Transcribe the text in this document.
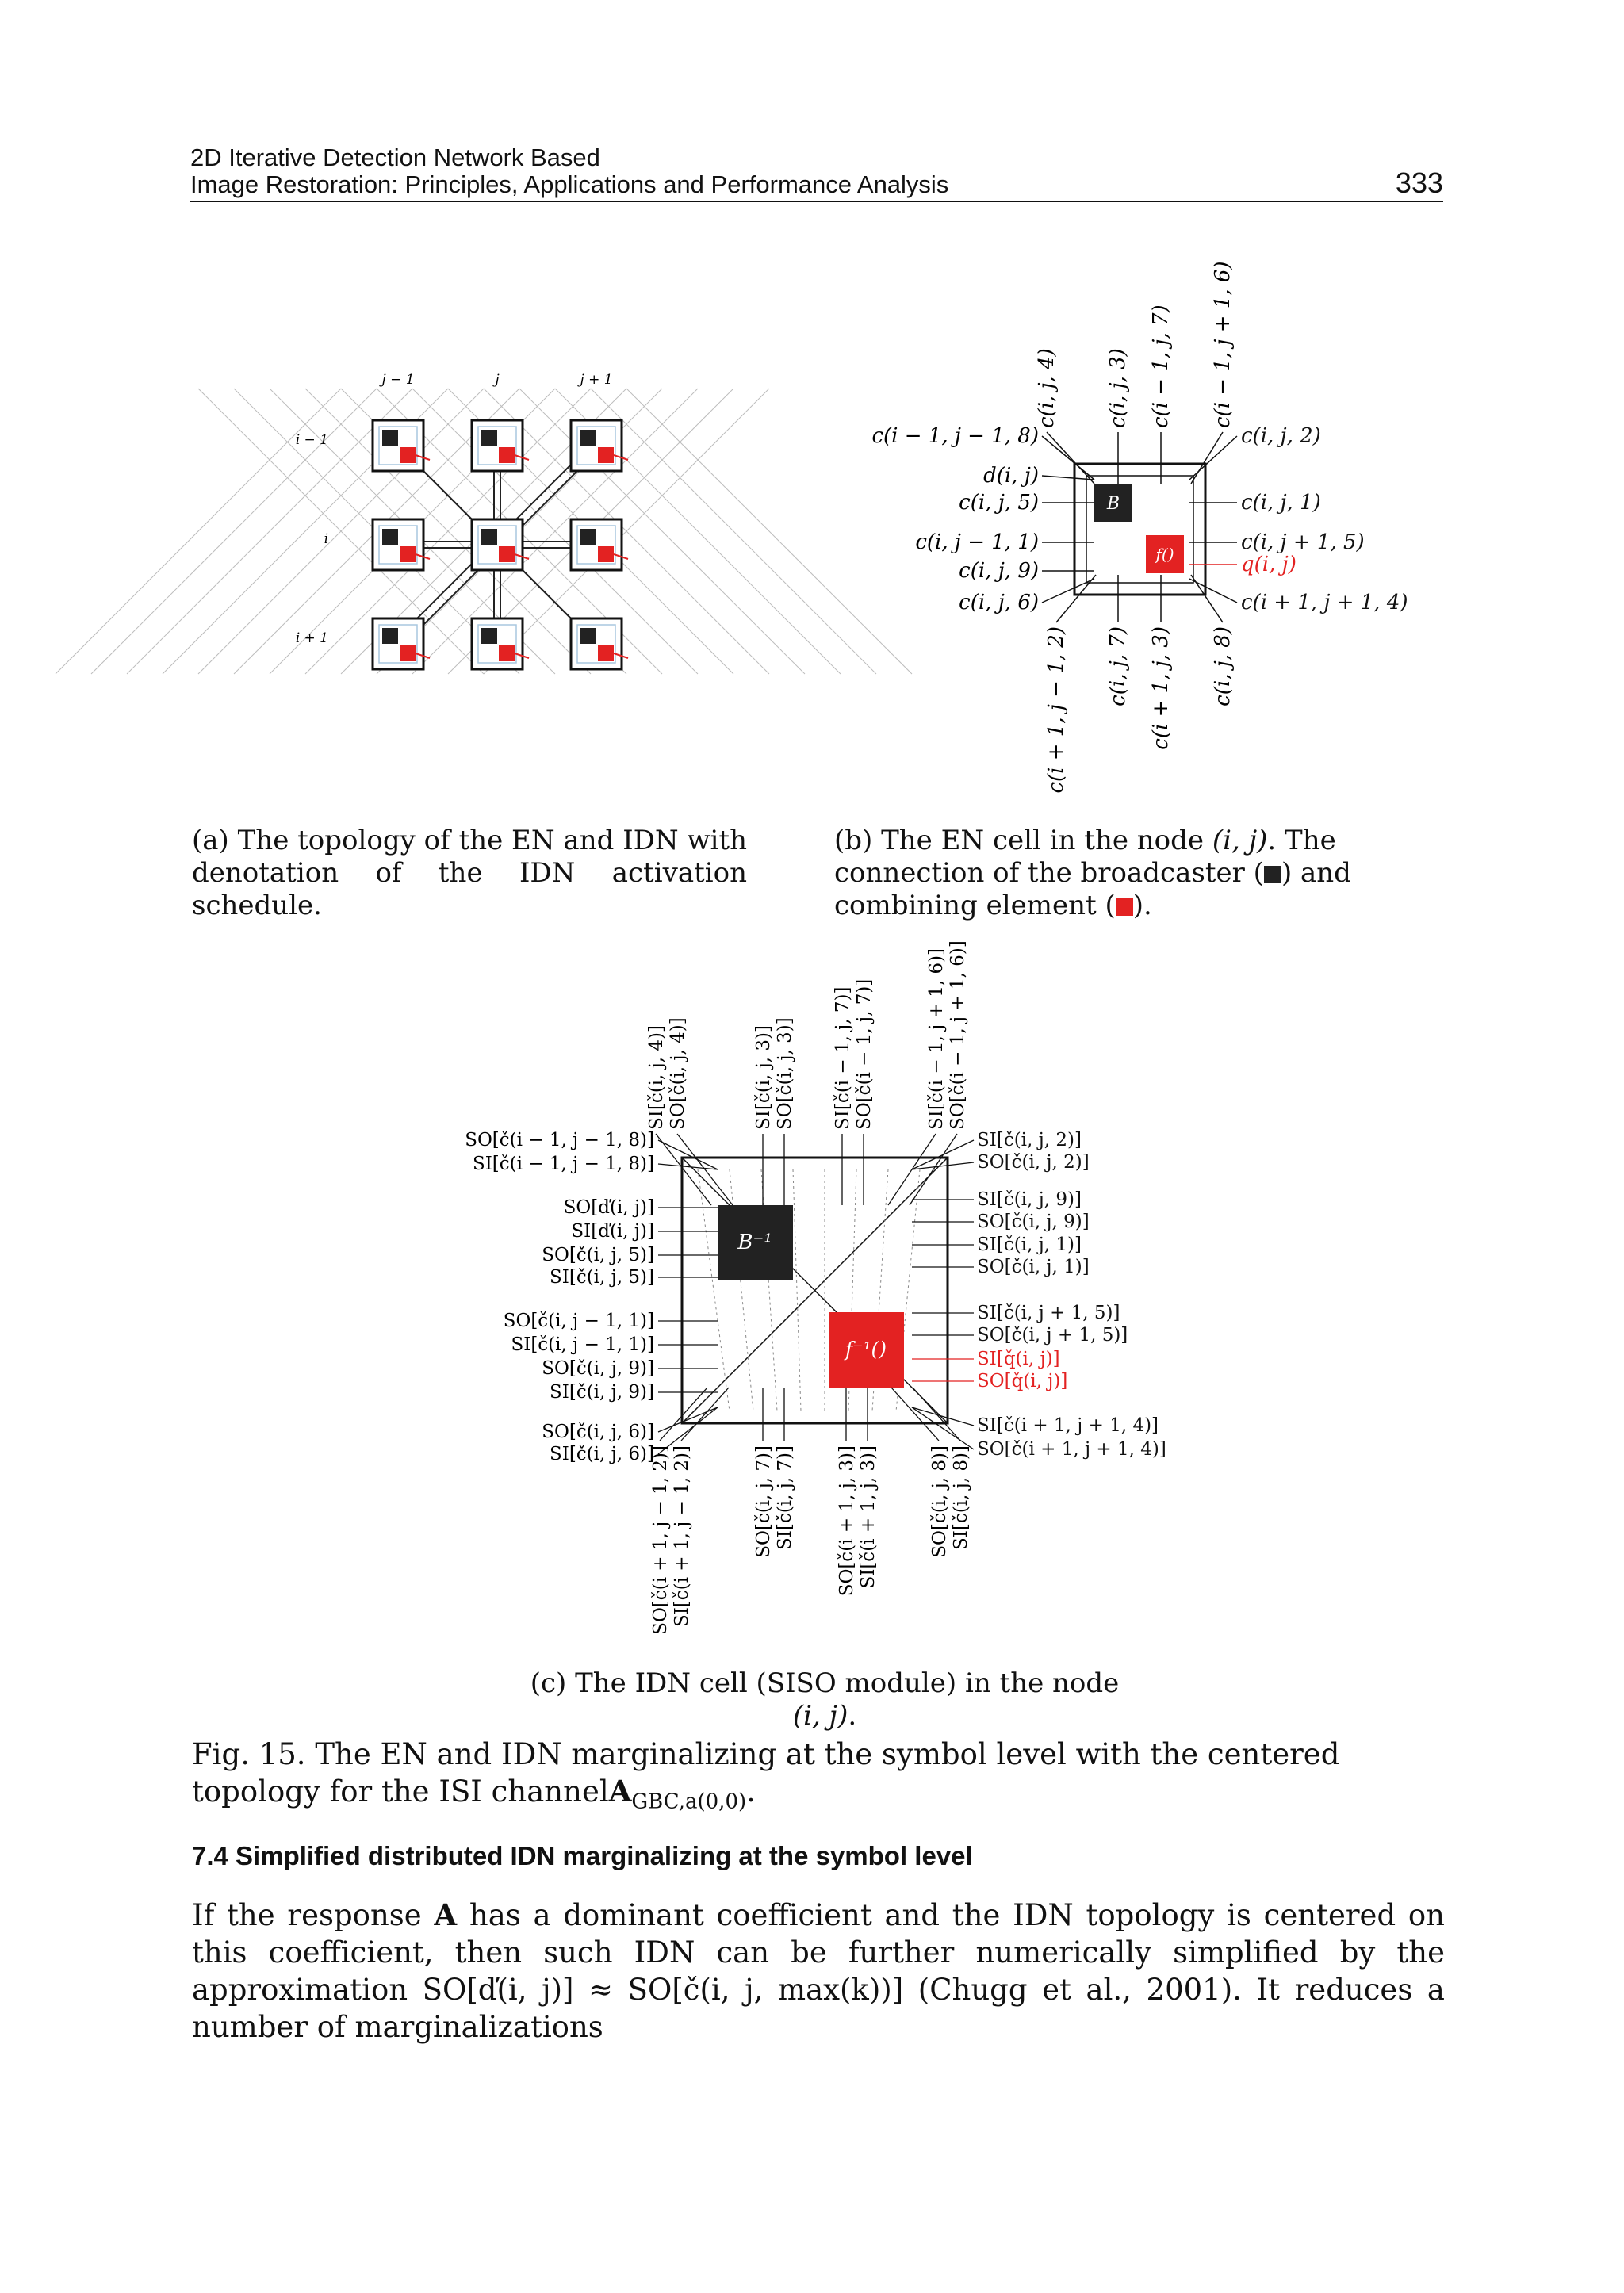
2D Iterative Detection Network Based
Image Restoration: Principles, Applications and Performance Analysis	333
j − 1	j	j + 1
i − 1
i
i + 1
B
f()
c(i − 1, j − 1, 8)
d(i, j)
c(i, j, 5)
c(i, j − 1, 1)
c(i, j, 9)
c(i, j, 6)
c(i, j, 2)
c(i, j, 1)
c(i, j + 1, 5)
q(i, j)
c(i + 1, j + 1, 4)
c(i, j, 4) c(i, j, 3) c(i − 1, j, 7) c(i − 1, j + 1, 6)
c(i + 1, j − 1, 2) c(i, j, 7) c(i + 1, j, 3) c(i, j, 8)
B⁻¹
f⁻¹()
SO[č(i − 1, j − 1, 8)]
SI[č(i − 1, j − 1, 8)]
SO[ď(i, j)]
SI[ď(i, j)]
SO[č(i, j, 5)]
SI[č(i, j, 5)]
SO[č(i, j − 1, 1)]
SI[č(i, j − 1, 1)]
SO[č(i, j, 9)]
SI[č(i, j, 9)]
SO[č(i, j, 6)]
SI[č(i, j, 6)]
SI[č(i, j, 2)]
SO[č(i, j, 2)]
SI[č(i, j, 9)]
SO[č(i, j, 9)]
SI[č(i, j, 1)]
SO[č(i, j, 1)]
SI[č(i, j + 1, 5)]
SO[č(i, j + 1, 5)]
SI[q̌(i, j)]
SO[q̌(i, j)]
SI[č(i + 1, j + 1, 4)]
SO[č(i + 1, j + 1, 4)]
SI[č(i, j, 4)] SO[č(i, j, 4)]	SI[č(i, j, 3)] SO[č(i, j, 3)] SI[č(i − 1, j, 7)] SO[č(i − 1, j, 7)]	SI[č(i − 1, j + 1, 6)] SO[č(i − 1, j + 1, 6)]
SO[č(i + 1, j − 1, 2)] SI[č(i + 1, j − 1, 2)]	SO[č(i, j, 7)] SI[č(i, j, 7)] SO[č(i + 1, j, 3)] SI[č(i + 1, j, 3)]	SO[č(i, j, 8)] SI[č(i, j, 8)]
(a) The topology of the EN and IDN with denotation of the IDN activation schedule.
(b) The EN cell in the node (i, j). The connection of the broadcaster ( ) and combining element ( ).
(c) The IDN cell (SISO module) in the node (i, j).
Fig. 15. The EN and IDN marginalizing at the symbol level with the centered topology for the ISI channelA$_{GBC,a(0,0)}$.
7.4 Simplified distributed IDN marginalizing at the symbol level
If the response A has a dominant coefficient and the IDN topology is centered on this coefficient, then such IDN can be further numerically simplified by the approximation SO[ď(i, j)] ≈ SO[č(i, j, max(k))] (Chugg et al., 2001). It reduces a number of marginalizations
